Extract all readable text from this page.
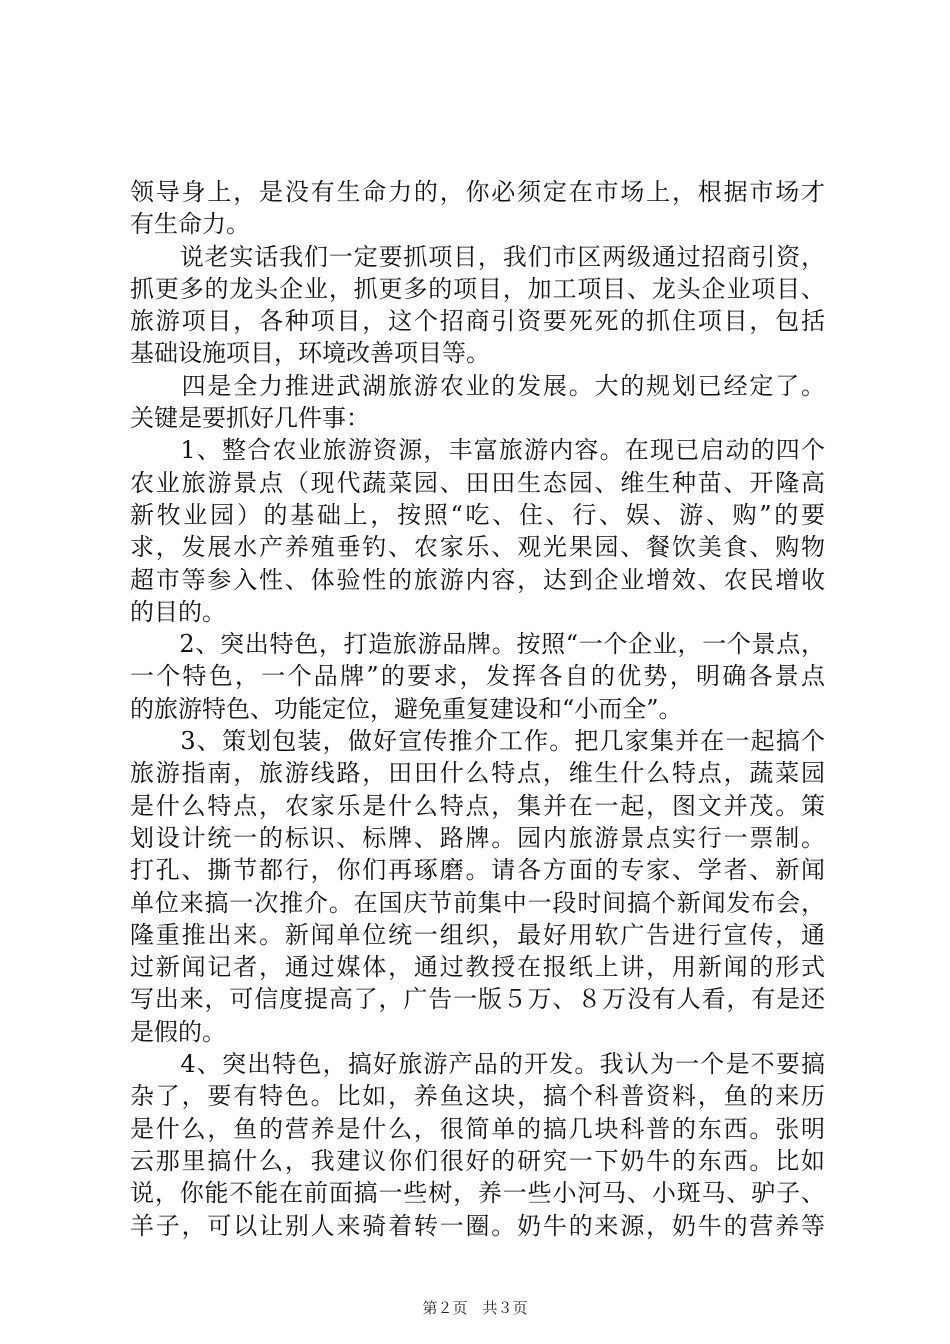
领导身上，是没有生命力的，你必须定在市场上，根据市场才
有生命力。
　　说老实话我们一定要抓项目，我们市区两级通过招商引资，
抓更多的龙头企业，抓更多的项目，加工项目、龙头企业项目、
旅游项目，各种项目，这个招商引资要死死的抓住项目，包括
基础设施项目，环境改善项目等。
　　四是全力推进武湖旅游农业的发展。大的规划已经定了。
关键是要抓好几件事：
　　1、整合农业旅游资源，丰富旅游内容。在现已启动的四个
农业旅游景点（现代蔬菜园、田田生态园、维生种苗、开隆高
新牧业园）的基础上，按照“吃、住、行、娱、游、购”的要
求，发展水产养殖垂钓、农家乐、观光果园、餐饮美食、购物
超市等参入性、体验性的旅游内容，达到企业增效、农民增收
的目的。
　　2、突出特色，打造旅游品牌。按照“一个企业，一个景点，
一个特色，一个品牌”的要求，发挥各自的优势，明确各景点
的旅游特色、功能定位，避免重复建设和“小而全”。
　　3、策划包装，做好宣传推介工作。把几家集并在一起搞个
旅游指南，旅游线路，田田什么特点，维生什么特点，蔬菜园
是什么特点，农家乐是什么特点，集并在一起，图文并茂。策
划设计统一的标识、标牌、路牌。园内旅游景点实行一票制。
打孔、撕节都行，你们再琢磨。请各方面的专家、学者、新闻
单位来搞一次推介。在国庆节前集中一段时间搞个新闻发布会，
隆重推出来。新闻单位统一组织，最好用软广告进行宣传，通
过新闻记者，通过媒体，通过教授在报纸上讲，用新闻的形式
写出来，可信度提高了，广告一版５万、８万没有人看，有是还
是假的。
　　4、突出特色，搞好旅游产品的开发。我认为一个是不要搞
杂了，要有特色。比如，养鱼这块，搞个科普资料，鱼的来历
是什么，鱼的营养是什么，很简单的搞几块科普的东西。张明
云那里搞什么，我建议你们很好的研究一下奶牛的东西。比如
说，你能不能在前面搞一些树，养一些小河马、小斑马、驴子、
羊子，可以让别人来骑着转一圈。奶牛的来源，奶牛的营养等
第２页　共３页
